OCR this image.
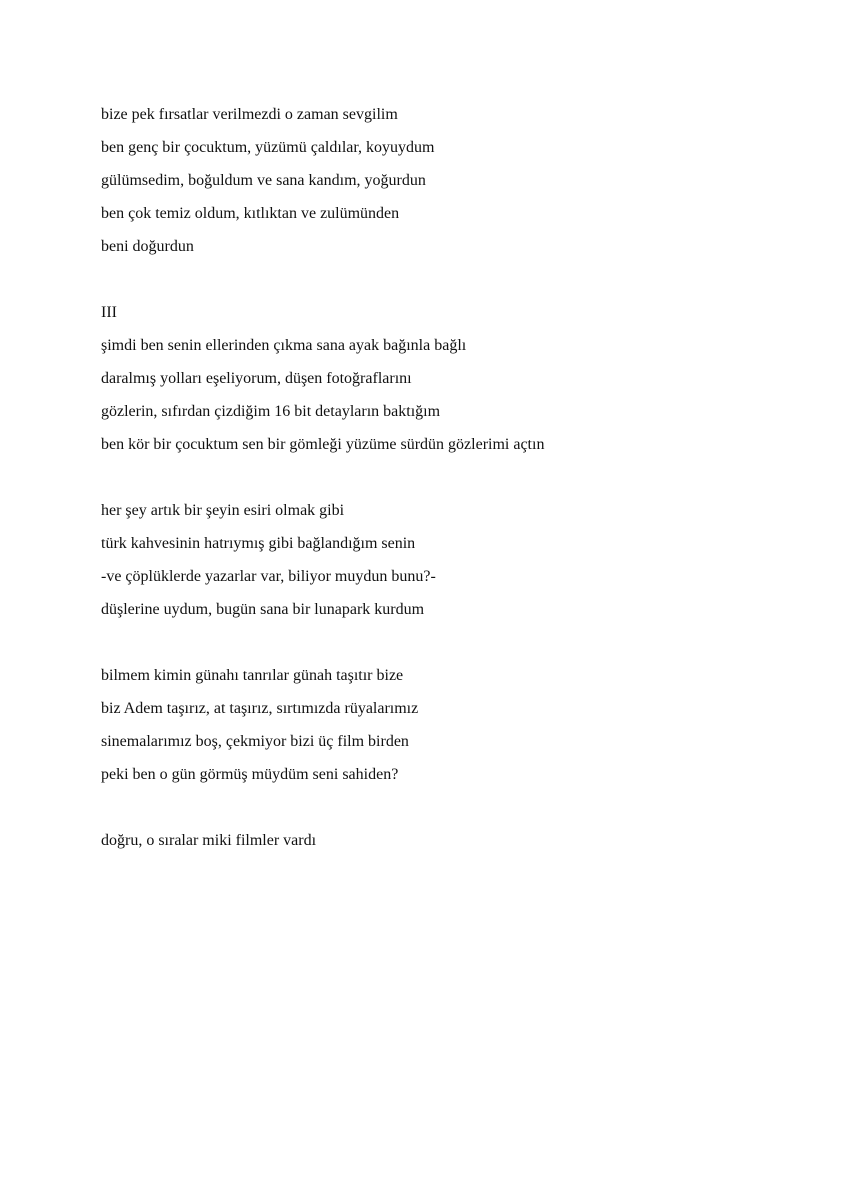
bize pek fırsatlar verilmezdi o zaman sevgilim
ben genç bir çocuktum, yüzümü çaldılar, koyuydum
gülümsedim, boğuldum ve sana kandım, yoğurdun
ben çok temiz oldum, kıtlıktan ve zulümünden
beni doğurdun
III
şimdi ben senin ellerinden çıkma sana ayak bağınla bağlı
daralmış yolları eşeliyorum, düşen fotoğraflarını
gözlerin, sıfırdan çizdiğim 16 bit detayların baktığım
ben kör bir çocuktum sen bir gömleği yüzüme sürdün gözlerimi açtın
her şey artık bir şeyin esiri olmak gibi
türk kahvesinin hatrıymış gibi bağlandığım senin
-ve çöplüklerde yazarlar var, biliyor muydun bunu?-
düşlerine uydum, bugün sana bir lunapark kurdum
bilmem kimin günahı tanrılar günah taşıtır bize
biz Adem taşırız, at taşırız, sırtımızda rüyalarımız
sinemalarımız boş, çekmiyor bizi üç film birden
peki ben o gün görmüş müydüm seni sahiden?
doğru, o sıralar miki filmler vardı
